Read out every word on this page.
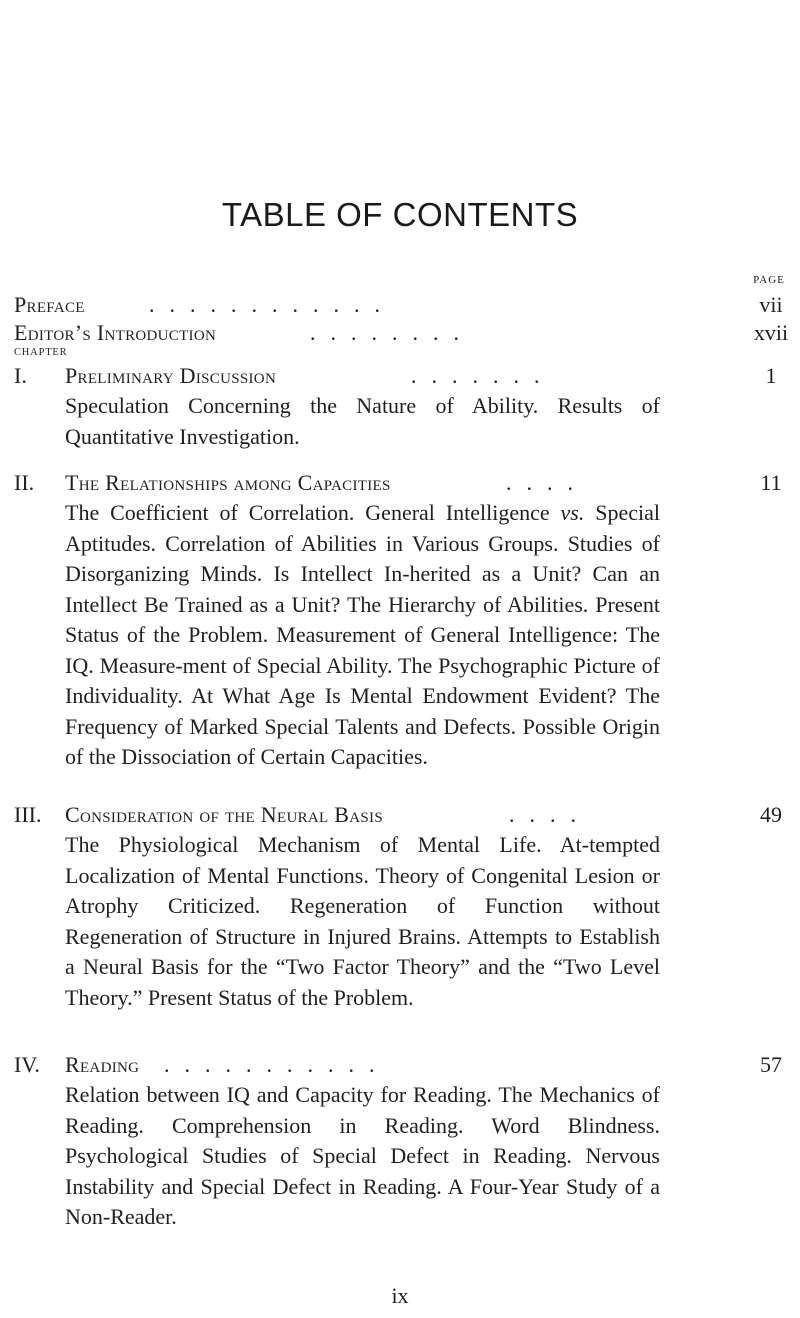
TABLE OF CONTENTS
PAGE
Preface	............	vii
Editor’s Introduction	........	xvii
CHAPTER
I. Preliminary Discussion	.......	1
Speculation Concerning the Nature of Ability. Results of Quantitative Investigation.
II. The Relationships among Capacities	....	11
The Coefficient of Correlation. General Intelligence vs. Special Aptitudes. Correlation of Abilities in Various Groups. Studies of Disorganizing Minds. Is Intellect In-herited as a Unit? Can an Intellect Be Trained as a Unit? The Hierarchy of Abilities. Present Status of the Problem. Measurement of General Intelligence: The IQ. Measure-ment of Special Ability. The Psychographic Picture of Individuality. At What Age Is Mental Endowment Evident? The Frequency of Marked Special Talents and Defects. Possible Origin of the Dissociation of Certain Capacities.
III. Consideration of the Neural Basis	....	49
The Physiological Mechanism of Mental Life. At-tempted Localization of Mental Functions. Theory of Congenital Lesion or Atrophy Criticized. Regeneration of Function without Regeneration of Structure in Injured Brains. Attempts to Establish a Neural Basis for the “Two Factor Theory” and the “Two Level Theory.” Present Status of the Problem.
IV. Reading ...........	57
Relation between IQ and Capacity for Reading. The Mechanics of Reading. Comprehension in Reading. Word Blindness. Psychological Studies of Special Defect in Reading. Nervous Instability and Special Defect in Reading. A Four-Year Study of a Non-Reader.
ix
